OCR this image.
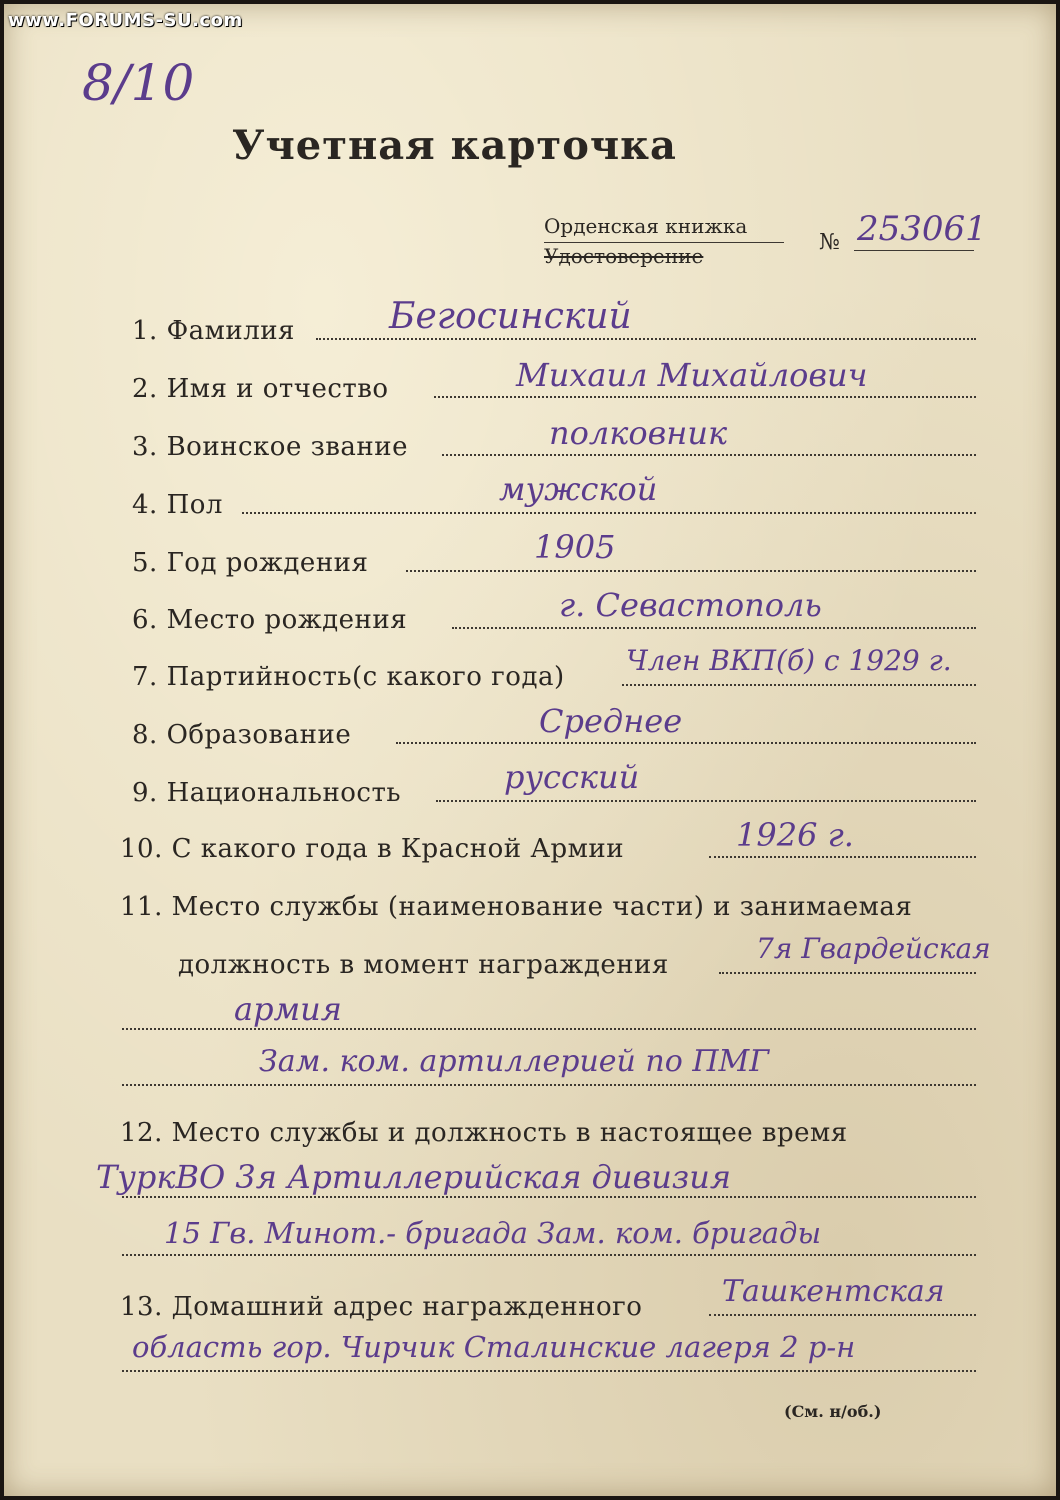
8/10
Учетная карточка
Орденская книжка
Удостоверение
№ 253061
1. Фамилия	Бегосинский
2. Имя и отчество	Михаил Михайлович
3. Воинское звание	полковник
4. Пол	мужской
5. Год рождения	1905
6. Место рождения	г. Севастополь
7. Партийность(с какого года) Член ВКП(б) с 1929 г.
8. Образование	Среднее
9. Национальность	русский
10. С какого года в Красной Армии	1926 г.
11. Место службы (наименование части) и занимаемая
должность в момент награждения	7я Гвардейская
армия
Зам. ком. артиллерией по ПМГ
12. Место службы и должность в настоящее время
ТуркВО 3я Артиллерийская дивизия
15 Гв. Миноm.- бригада Зам. ком. бригады
13. Домашний адрес награжденного	Ташкентская
область гор. Чирчик Сталинские лагеря 2 р-н
(См. н/об.)
www.FORUMS-SU.com
